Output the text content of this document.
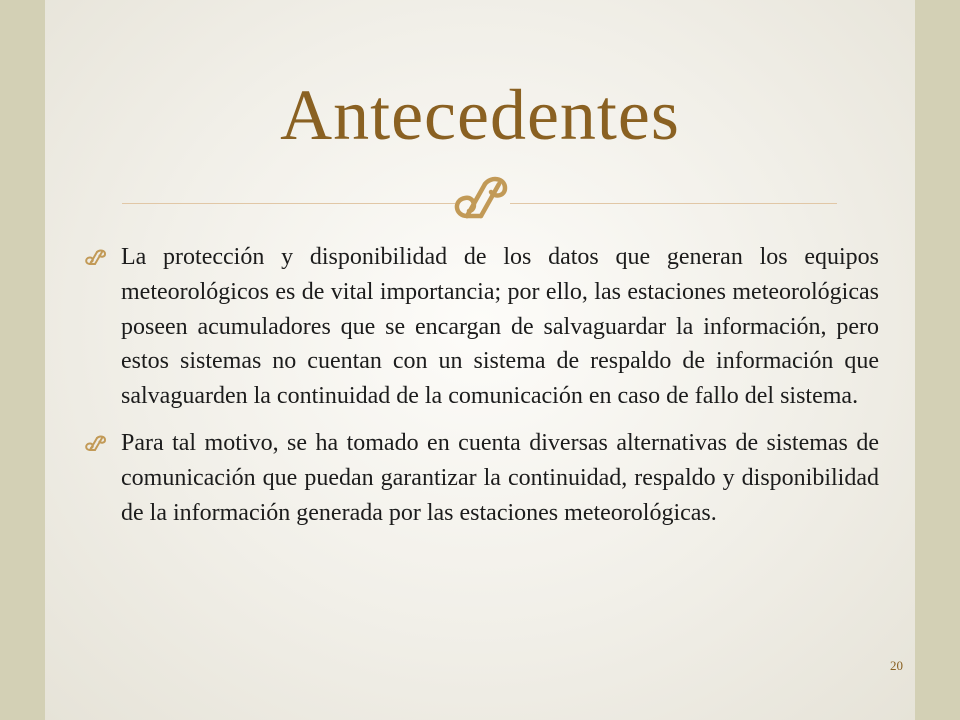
Antecedentes
La protección y disponibilidad de los datos que generan los equipos meteorológicos es de vital importancia; por ello, las estaciones meteorológicas poseen acumuladores que se encargan de salvaguardar la información, pero estos sistemas no cuentan con un sistema de respaldo de información que salvaguarden la continuidad de la comunicación en caso de fallo del sistema.
Para tal motivo, se ha tomado en cuenta diversas alternativas de sistemas de comunicación que puedan garantizar la continuidad, respaldo y disponibilidad de la información generada por las estaciones meteorológicas.
20
